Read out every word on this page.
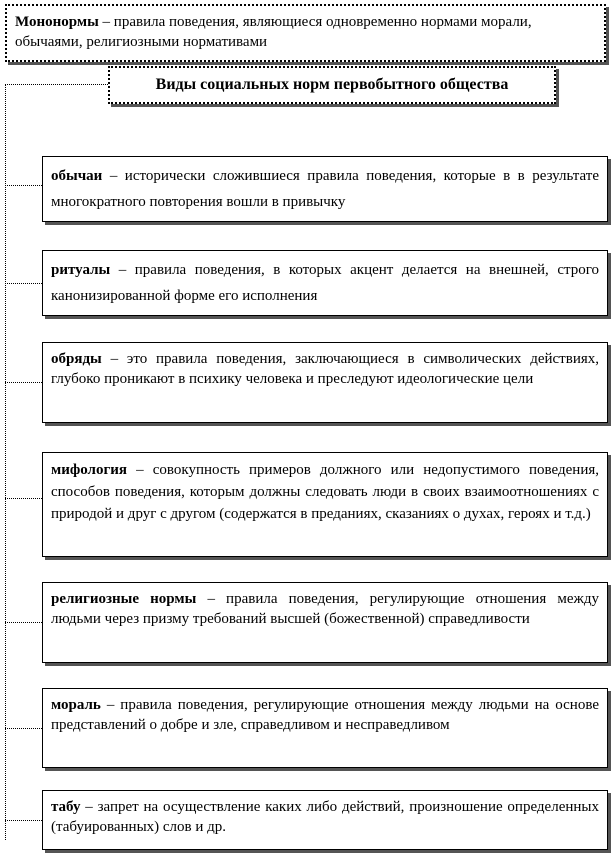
Мононормы – правила поведения, являющиеся одновременно нормами морали, обычаями, религиозными нормативами
Виды социальных норм первобытного общества
обычаи – исторически сложившиеся правила поведения, которые в в результате многократного повторения вошли в привычку
ритуалы – правила поведения, в которых акцент делается на внешней, строго канонизированной форме его исполнения
обряды – это правила поведения, заключающиеся в символических действиях, глубоко проникают в психику человека и преследуют идеологические цели
мифология – совокупность примеров должного или недопустимого поведения, способов поведения, которым должны следовать люди в своих взаимоотношениях с природой и друг с другом (содержатся в преданиях, сказаниях о духах, героях и т.д.)
религиозные нормы – правила поведения, регулирующие отношения между людьми через призму требований высшей (божественной) справедливости
мораль – правила поведения, регулирующие отношения между людьми на основе представлений о добре и зле, справедливом и несправедливом
табу – запрет на осуществление каких либо действий, произношение определенных (табуированных) слов и др.
